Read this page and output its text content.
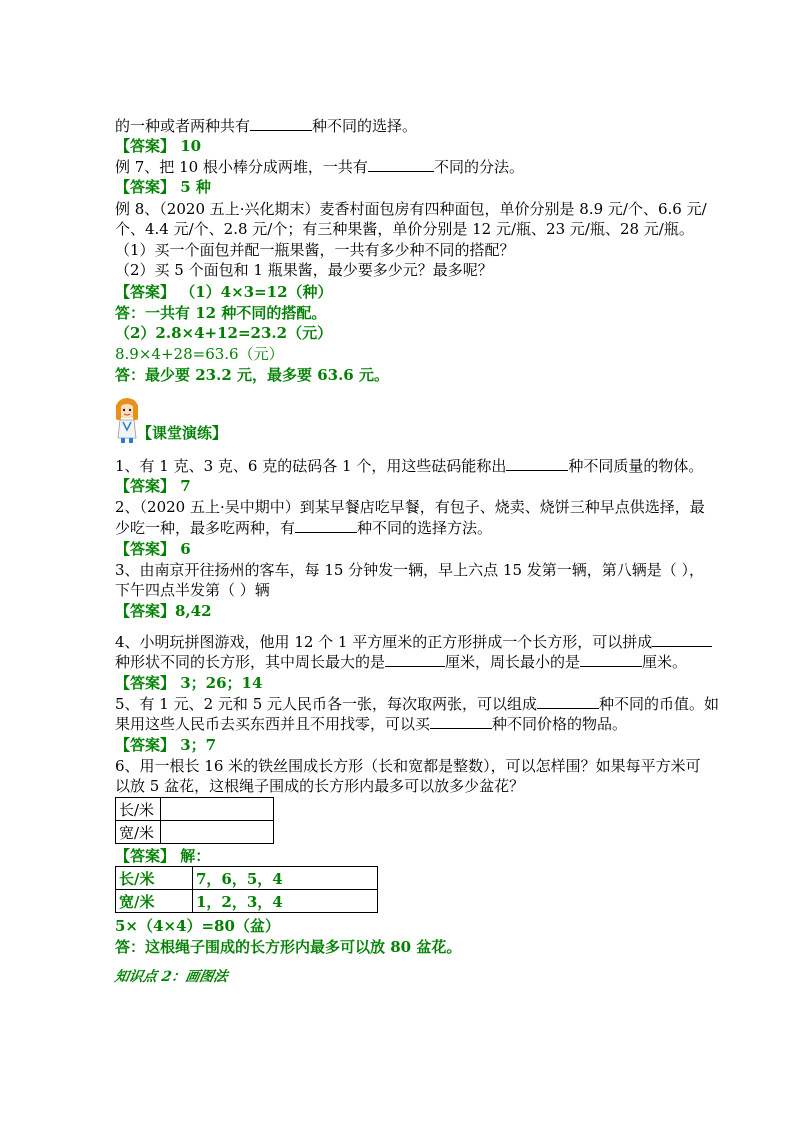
的一种或者两种共有	种不同的选择。
【答案】 10
例 7、把 10 根小棒分成两堆，一共有	不同的分法。
【答案】 5 种
例 8、（2020 五上·兴化期末）麦香村面包房有四种面包，单价分别是 8.9 元/个、6.6 元/
个、4.4 元/个、2.8 元/个；有三种果酱，单价分别是 12 元/瓶、23 元/瓶、28 元/瓶。
（1）买一个面包并配一瓶果酱，一共有多少种不同的搭配？
（2）买 5 个面包和 1 瓶果酱，最少要多少元？最多呢？
【答案】 （1）4×3=12（种）
答：一共有 12 种不同的搭配。
（2）2.8×4+12=23.2（元）
8.9×4+28=63.6（元）
答：最少要 23.2 元，最多要 63.6 元。
【课堂演练】
1、有 1 克、3 克、6 克的砝码各 1 个，用这些砝码能称出	种不同质量的物体。
【答案】 7
2、（2020 五上·吴中期中）到某早餐店吃早餐，有包子、烧卖、烧饼三种早点供选择，最
少吃一种，最多吃两种，有	种不同的选择方法。
【答案】 6
3、由南京开往扬州的客车，每 15 分钟发一辆，早上六点 15 发第一辆，第八辆是（ ），
下午四点半发第（ ）辆
【答案】8,42
4、小明玩拼图游戏，他用 12 个 1 平方厘米的正方形拼成一个长方形，可以拼成
种形状不同的长方形，其中周长最大的是	厘米，周长最小的是	厘米。
【答案】 3；26；14
5、有 1 元、2 元和 5 元人民币各一张，每次取两张，可以组成	种不同的币值。如
果用这些人民币去买东西并且不用找零，可以买	种不同价格的物品。
【答案】 3；7
6、用一根长 16 米的铁丝围成长方形（长和宽都是整数），可以怎样围？如果每平方米可
以放 5 盆花，这根绳子围成的长方形内最多可以放多少盆花？
长/米	
宽/米	
【答案】 解：
长/米	7，6，5，4
宽/米	1，2，3，4
5×（4×4）=80（盆）
答：这根绳子围成的长方形内最多可以放 80 盆花。
知识点 2：画图法
